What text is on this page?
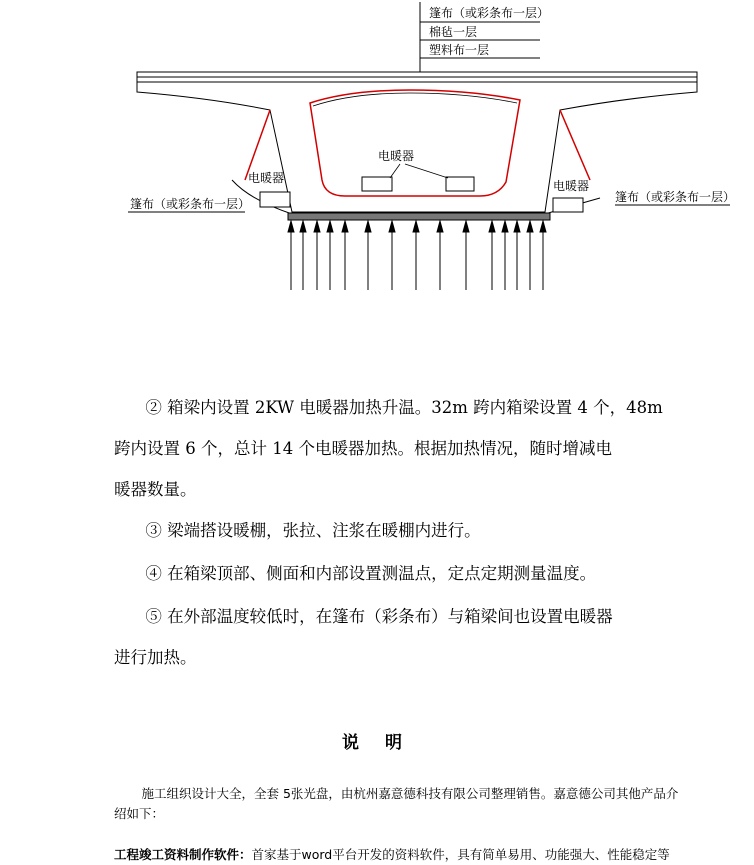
篷布（或彩条布一层）
棉毡一层
塑料布一层
电暖器
电暖器
电暖器
篷布（或彩条布一层）	篷布（或彩条布一层）

② 箱梁内设置 2KW 电暖器加热升温。32m 跨内箱梁设置 4 个，48m
跨内设置 6 个，总计 14 个电暖器加热。根据加热情况，随时增减电
暖器数量。

③ 梁端搭设暖棚，张拉、注浆在暖棚内进行。

④ 在箱梁顶部、侧面和内部设置测温点，定点定期测量温度。

⑤ 在外部温度较低时，在篷布（彩条布）与箱梁间也设置电暖器
进行加热。

说 明

施工组织设计大全，全套 5张光盘，由杭州嘉意德科技有限公司整理销售。嘉意德公司其他产品介绍如下：

工程竣工资料制作软件：首家基于word平台开发的资料软件，具有简单易用、功能强大、性能稳定等
